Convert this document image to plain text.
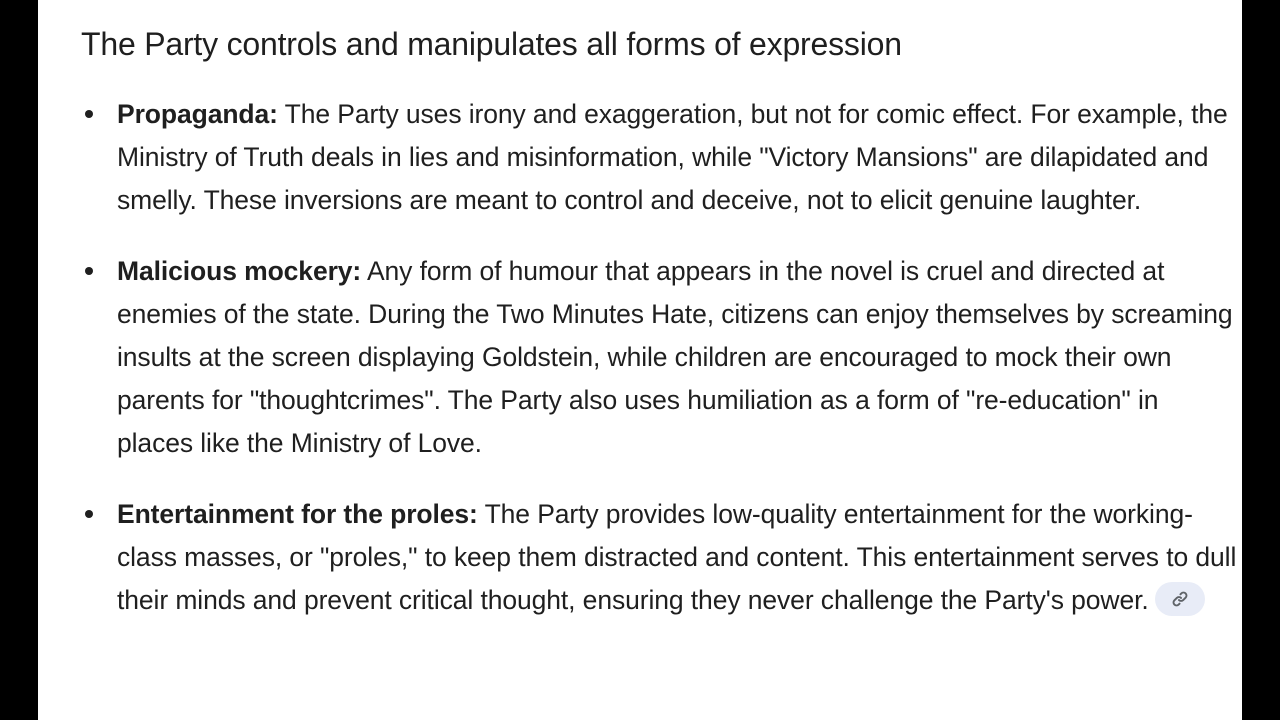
The Party controls and manipulates all forms of expression
Propaganda: The Party uses irony and exaggeration, but not for comic effect. For example, the Ministry of Truth deals in lies and misinformation, while "Victory Mansions" are dilapidated and smelly. These inversions are meant to control and deceive, not to elicit genuine laughter.
Malicious mockery: Any form of humour that appears in the novel is cruel and directed at enemies of the state. During the Two Minutes Hate, citizens can enjoy themselves by screaming insults at the screen displaying Goldstein, while children are encouraged to mock their own parents for "thoughtcrimes". The Party also uses humiliation as a form of "re-education" in places like the Ministry of Love.
Entertainment for the proles: The Party provides low-quality entertainment for the working-class masses, or "proles," to keep them distracted and content. This entertainment serves to dull their minds and prevent critical thought, ensuring they never challenge the Party's power.
